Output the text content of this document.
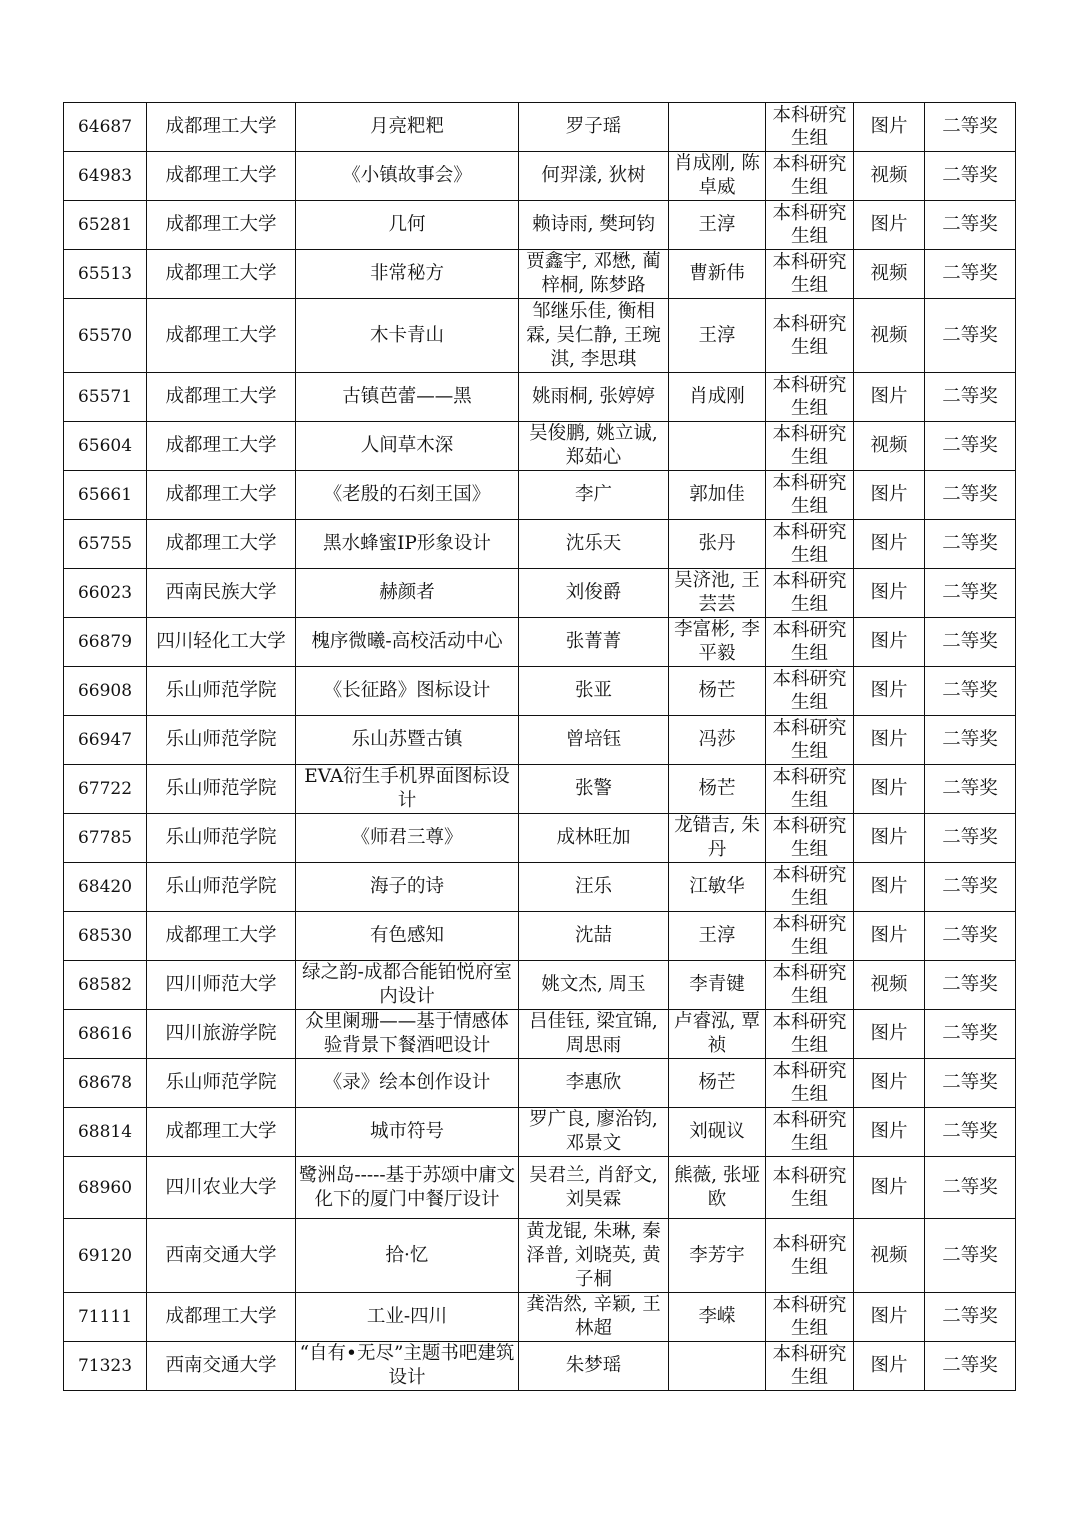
64687	成都理工大学	月亮粑粑	罗子瑶		本科研究生组	图片	二等奖
64983	成都理工大学	《小镇故事会》	何羿漾, 狄树	肖成刚, 陈卓威	本科研究生组	视频	二等奖
65281	成都理工大学	几何	赖诗雨, 樊珂钧	王淳	本科研究生组	图片	二等奖
65513	成都理工大学	非常秘方	贾鑫宇, 邓懋, 蔺梓桐, 陈梦路	曹新伟	本科研究生组	视频	二等奖
65570	成都理工大学	木卡青山	邹继乐佳, 衡相霖, 吴仁静, 王琬淇, 李思琪	王淳	本科研究生组	视频	二等奖
65571	成都理工大学	古镇芭蕾——黑	姚雨桐, 张婷婷	肖成刚	本科研究生组	图片	二等奖
65604	成都理工大学	人间草木深	吴俊鹏, 姚立诚, 郑茹心		本科研究生组	视频	二等奖
65661	成都理工大学	《老殷的石刻王国》	李广	郭加佳	本科研究生组	图片	二等奖
65755	成都理工大学	黑水蜂蜜IP形象设计	沈乐天	张丹	本科研究生组	图片	二等奖
66023	西南民族大学	赫颜者	刘俊爵	吴济池, 王芸芸	本科研究生组	图片	二等奖
66879	四川轻化工大学	槐序微曦-高校活动中心	张菁菁	李富彬, 李平毅	本科研究生组	图片	二等奖
66908	乐山师范学院	《长征路》图标设计	张亚	杨芒	本科研究生组	图片	二等奖
66947	乐山师范学院	乐山苏暨古镇	曾培钰	冯莎	本科研究生组	图片	二等奖
67722	乐山师范学院	EVA衍生手机界面图标设计	张警	杨芒	本科研究生组	图片	二等奖
67785	乐山师范学院	《师君三尊》	成林旺加	龙错吉, 朱丹	本科研究生组	图片	二等奖
68420	乐山师范学院	海子的诗	汪乐	江敏华	本科研究生组	图片	二等奖
68530	成都理工大学	有色感知	沈喆	王淳	本科研究生组	图片	二等奖
68582	四川师范大学	绿之韵-成都合能铂悦府室内设计	姚文杰, 周玉	李青键	本科研究生组	视频	二等奖
68616	四川旅游学院	众里阑珊——基于情感体验背景下餐酒吧设计	吕佳钰, 梁宜锦, 周思雨	卢睿泓, 覃祯	本科研究生组	图片	二等奖
68678	乐山师范学院	《录》绘本创作设计	李惠欣	杨芒	本科研究生组	图片	二等奖
68814	成都理工大学	城市符号	罗广良, 廖治钧, 邓景文	刘砚议	本科研究生组	图片	二等奖
68960	四川农业大学	鹭洲岛-----基于苏颂中庸文化下的厦门中餐厅设计	吴君兰, 肖舒文, 刘昊霖	熊薇, 张垭欧	本科研究生组	图片	二等奖
69120	西南交通大学	拾·忆	黄龙锟, 朱琳, 秦泽普, 刘晓英, 黄子桐	李芳宇	本科研究生组	视频	二等奖
71111	成都理工大学	工业-四川	龚浩然, 辛颖, 王林超	李嵘	本科研究生组	图片	二等奖
71323	西南交通大学	“自有•无尽”主题书吧建筑设计	朱梦瑶		本科研究生组	图片	二等奖
